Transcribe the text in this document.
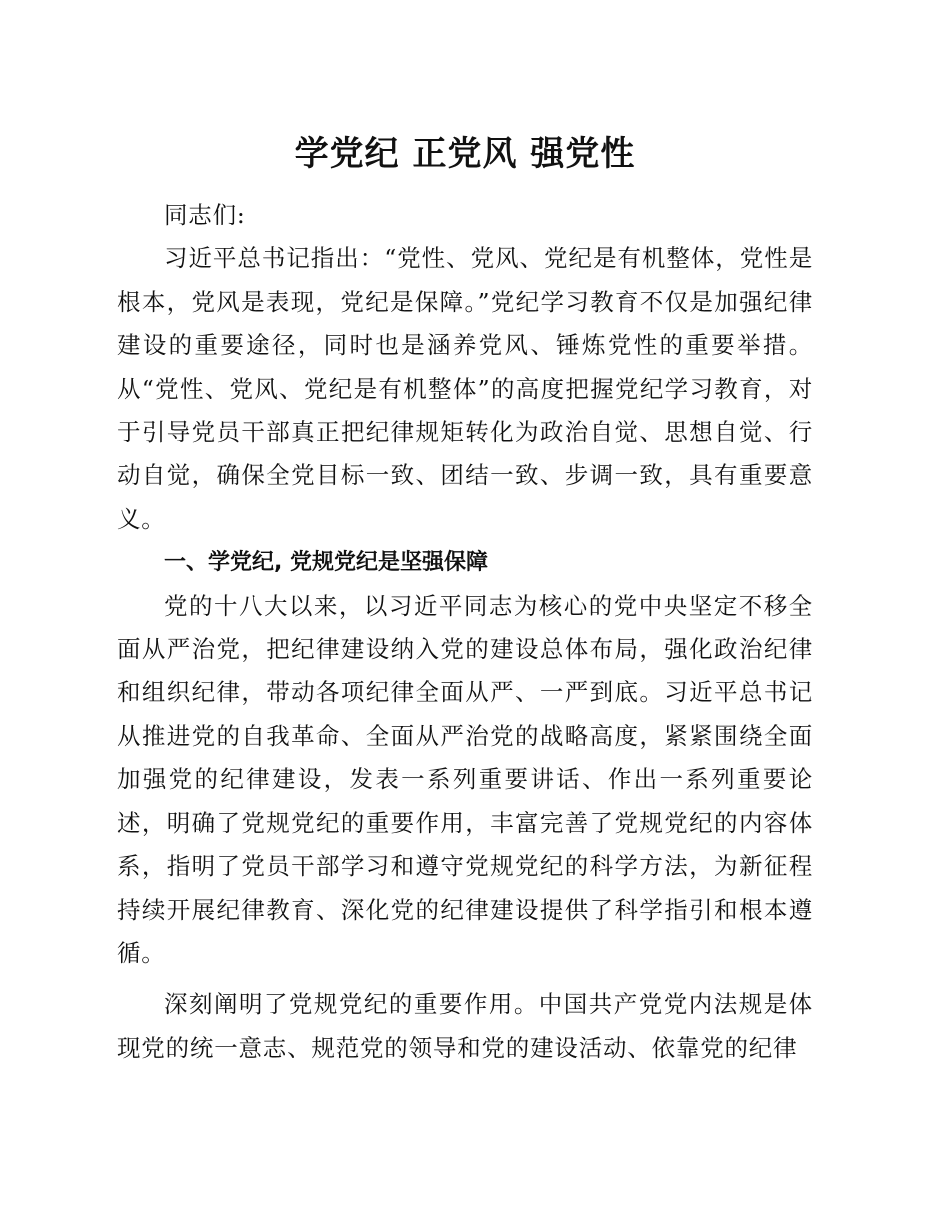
学党纪 正党风 强党性

同志们:

习近平总书记指出：“党性、党风、党纪是有机整体，党性是根本，党风是表现，党纪是保障。”党纪学习教育不仅是加强纪律建设的重要途径，同时也是涵养党风、锤炼党性的重要举措。从“党性、党风、党纪是有机整体”的高度把握党纪学习教育，对于引导党员干部真正把纪律规矩转化为政治自觉、思想自觉、行动自觉，确保全党目标一致、团结一致、步调一致，具有重要意义。

一、学党纪, 党规党纪是坚强保障

党的十八大以来，以习近平同志为核心的党中央坚定不移全面从严治党，把纪律建设纳入党的建设总体布局，强化政治纪律和组织纪律，带动各项纪律全面从严、一严到底。习近平总书记从推进党的自我革命、全面从严治党的战略高度，紧紧围绕全面加强党的纪律建设，发表一系列重要讲话、作出一系列重要论述，明确了党规党纪的重要作用，丰富完善了党规党纪的内容体系，指明了党员干部学习和遵守党规党纪的科学方法，为新征程持续开展纪律教育、深化党的纪律建设提供了科学指引和根本遵循。

深刻阐明了党规党纪的重要作用。中国共产党党内法规是体现党的统一意志、规范党的领导和党的建设活动、依靠党的纪律
